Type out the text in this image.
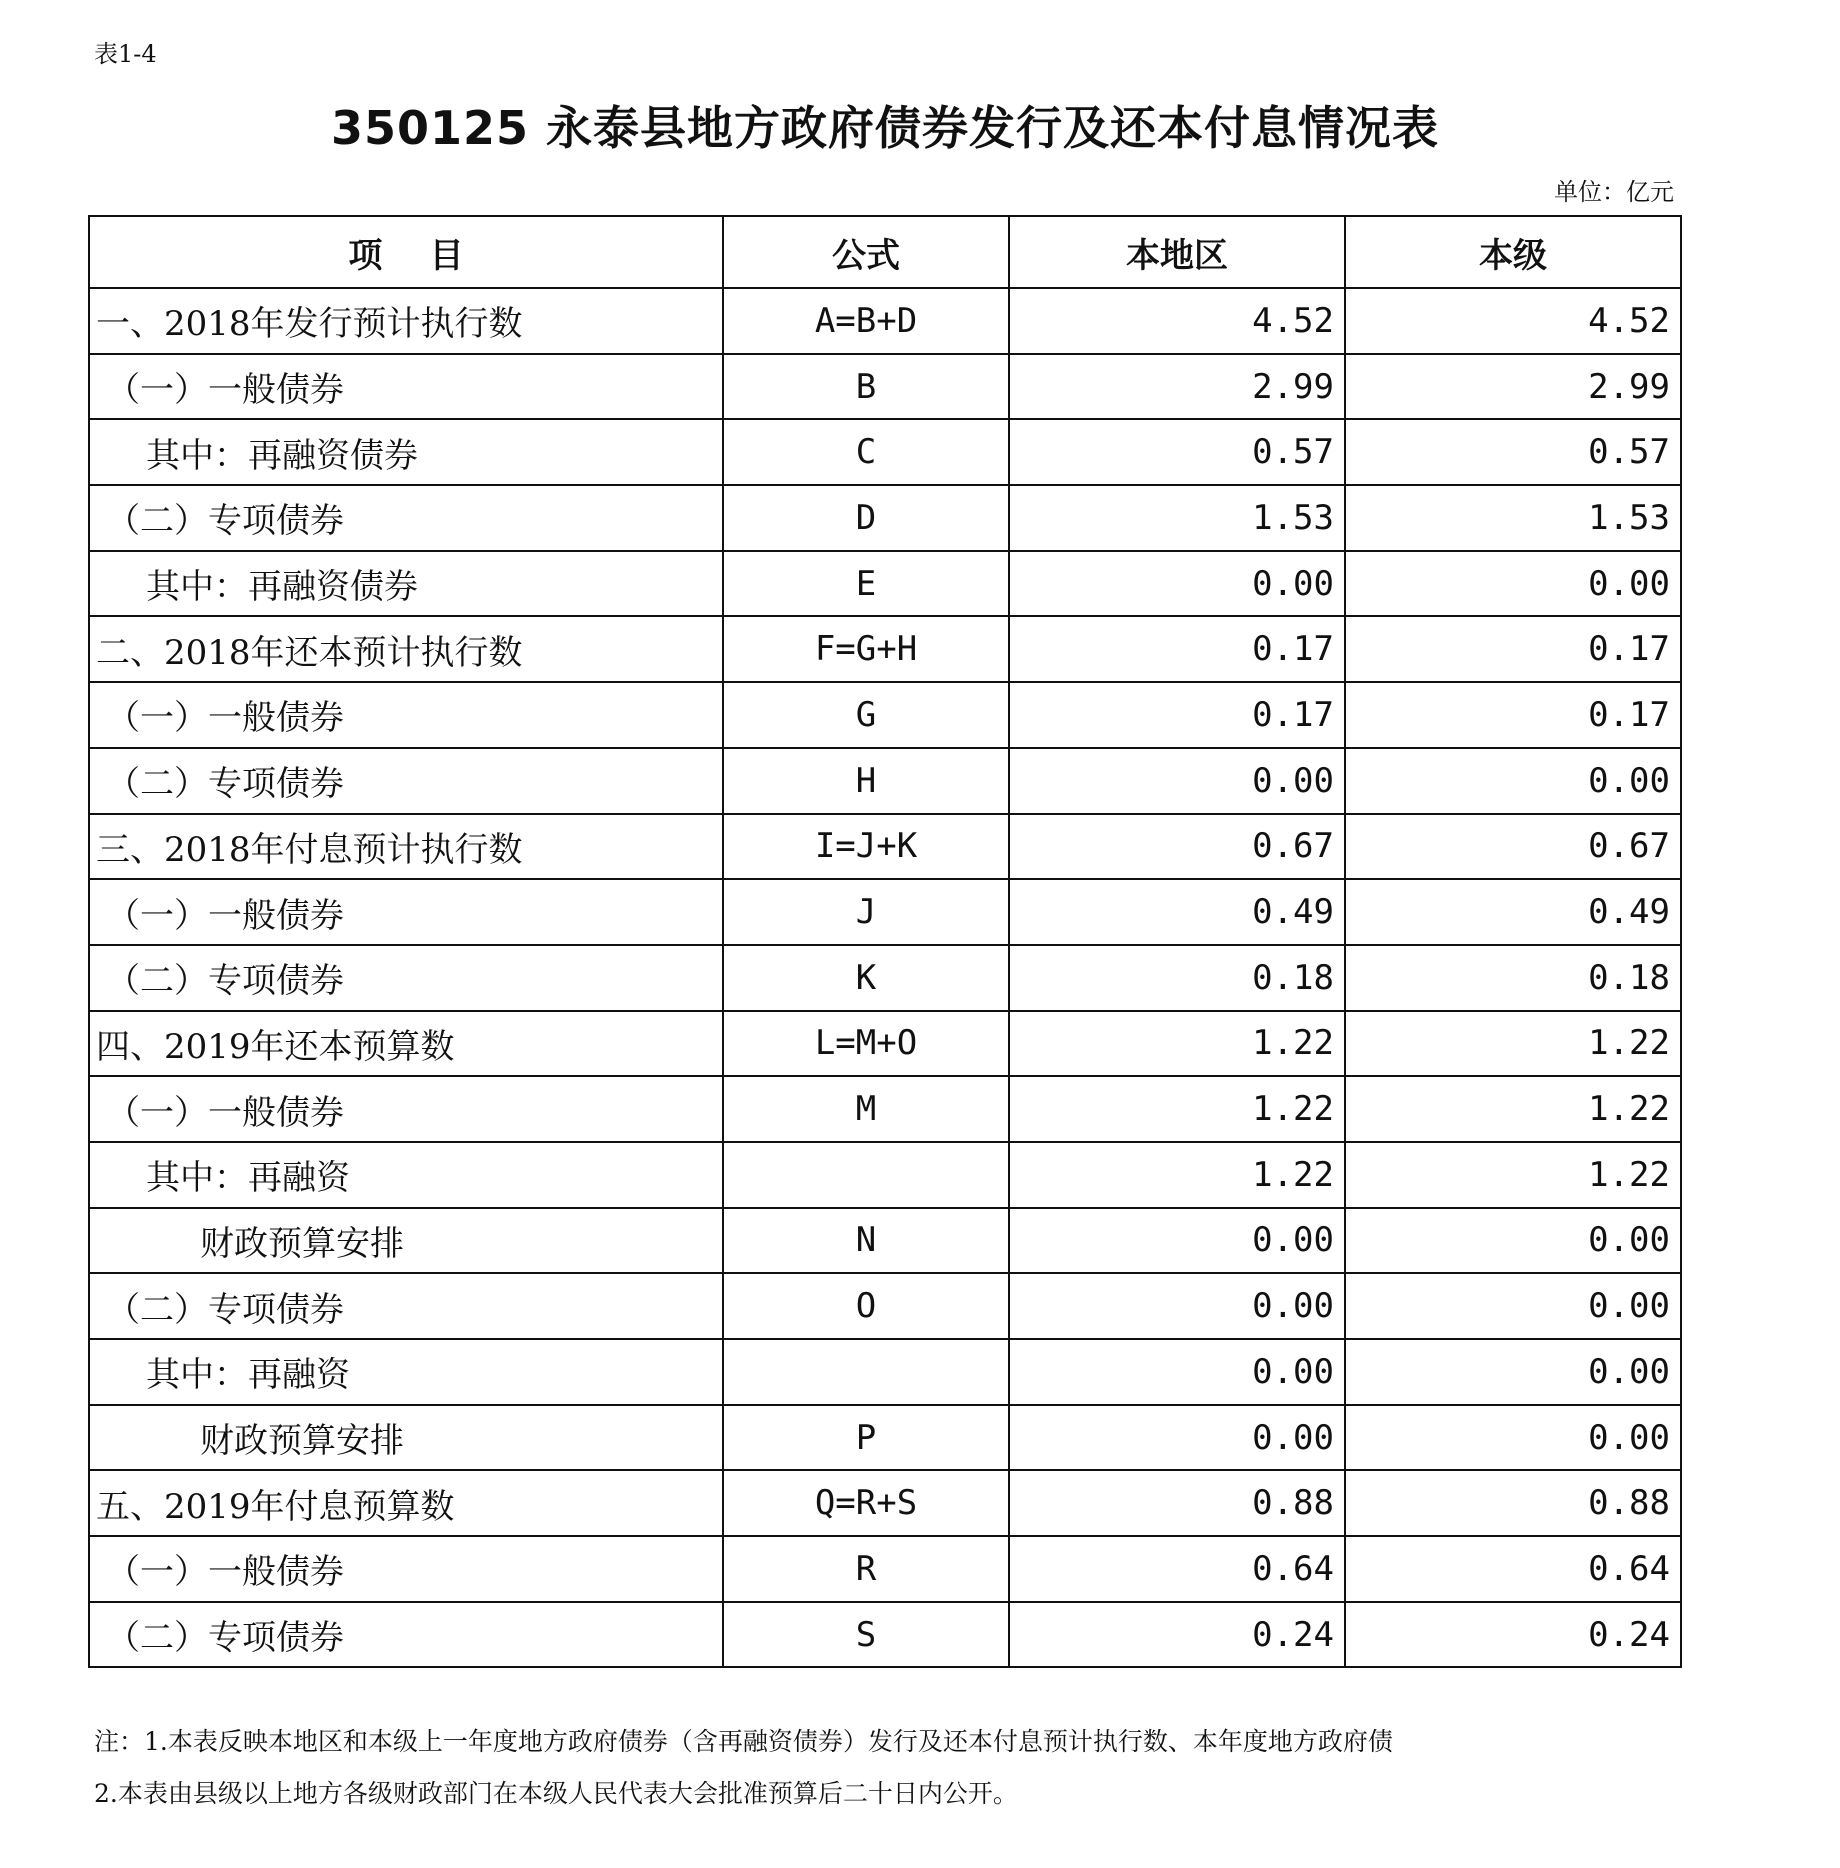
表1-4
350125 永泰县地方政府债券发行及还本付息情况表
单位：亿元
项    目	公式	本地区	本级
一、2018年发行预计执行数	A=B+D	4.52	4.52
（一）一般债券	B	2.99	2.99
其中：再融资债券	C	0.57	0.57
（二）专项债券	D	1.53	1.53
其中：再融资债券	E	0.00	0.00
二、2018年还本预计执行数	F=G+H	0.17	0.17
（一）一般债券	G	0.17	0.17
（二）专项债券	H	0.00	0.00
三、2018年付息预计执行数	I=J+K	0.67	0.67
（一）一般债券	J	0.49	0.49
（二）专项债券	K	0.18	0.18
四、2019年还本预算数	L=M+O	1.22	1.22
（一）一般债券	M	1.22	1.22
其中：再融资		1.22	1.22
财政预算安排	N	0.00	0.00
（二）专项债券	O	0.00	0.00
其中：再融资		0.00	0.00
财政预算安排	P	0.00	0.00
五、2019年付息预算数	Q=R+S	0.88	0.88
（一）一般债券	R	0.64	0.64
（二）专项债券	S	0.24	0.24
注：1.本表反映本地区和本级上一年度地方政府债券（含再融资债券）发行及还本付息预计执行数、本年度地方政府债
2.本表由县级以上地方各级财政部门在本级人民代表大会批准预算后二十日内公开。
